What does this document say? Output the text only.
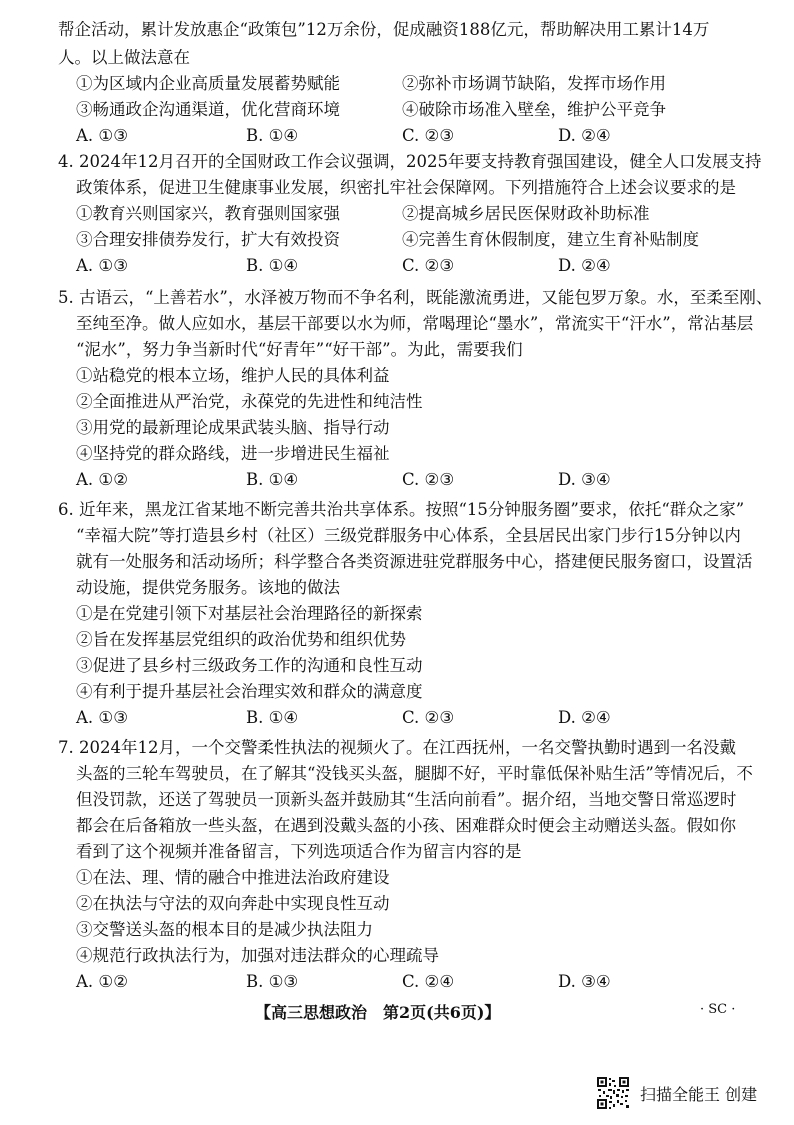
帮企活动，累计发放惠企“政策包”12万余份，促成融资188亿元，帮助解决用工累计14万
人。以上做法意在
①为区域内企业高质量发展蓄势赋能	②弥补市场调节缺陷，发挥市场作用
③畅通政企沟通渠道，优化营商环境	④破除市场准入壁垒，维护公平竞争
A. ①③	B. ①④	C. ②③	D. ②④
4. 2024年12月召开的全国财政工作会议强调，2025年要支持教育强国建设，健全人口发展支持
政策体系，促进卫生健康事业发展，织密扎牢社会保障网。下列措施符合上述会议要求的是
①教育兴则国家兴，教育强则国家强	②提高城乡居民医保财政补助标准
③合理安排债券发行，扩大有效投资	④完善生育休假制度，建立生育补贴制度
A. ①③	B. ①④	C. ②③	D. ②④
5. 古语云，“上善若水”，水泽被万物而不争名利，既能激流勇进，又能包罗万象。水，至柔至刚、
至纯至净。做人应如水，基层干部要以水为师，常喝理论“墨水”，常流实干“汗水”，常沾基层
“泥水”，努力争当新时代“好青年”“好干部”。为此，需要我们
①站稳党的根本立场，维护人民的具体利益
②全面推进从严治党，永葆党的先进性和纯洁性
③用党的最新理论成果武装头脑、指导行动
④坚持党的群众路线，进一步增进民生福祉
A. ①②	B. ①④	C. ②③	D. ③④
6. 近年来，黑龙江省某地不断完善共治共享体系。按照“15分钟服务圈”要求，依托“群众之家”
“幸福大院”等打造县乡村（社区）三级党群服务中心体系，全县居民出家门步行15分钟以内
就有一处服务和活动场所；科学整合各类资源进驻党群服务中心，搭建便民服务窗口，设置活
动设施，提供党务服务。该地的做法
①是在党建引领下对基层社会治理路径的新探索
②旨在发挥基层党组织的政治优势和组织优势
③促进了县乡村三级政务工作的沟通和良性互动
④有利于提升基层社会治理实效和群众的满意度
A. ①③	B. ①④	C. ②③	D. ②④
7. 2024年12月，一个交警柔性执法的视频火了。在江西抚州，一名交警执勤时遇到一名没戴
头盔的三轮车驾驶员，在了解其“没钱买头盔，腿脚不好，平时靠低保补贴生活”等情况后，不
但没罚款，还送了驾驶员一顶新头盔并鼓励其“生活向前看”。据介绍，当地交警日常巡逻时
都会在后备箱放一些头盔，在遇到没戴头盔的小孩、困难群众时便会主动赠送头盔。假如你
看到了这个视频并准备留言，下列选项适合作为留言内容的是
①在法、理、情的融合中推进法治政府建设
②在执法与守法的双向奔赴中实现良性互动
③交警送头盔的根本目的是减少执法阻力
④规范行政执法行为，加强对违法群众的心理疏导
A. ①②	B. ①③	C. ②④	D. ③④
【高三思想政治　第2页(共6页)】	· SC ·
扫描全能王 创建
